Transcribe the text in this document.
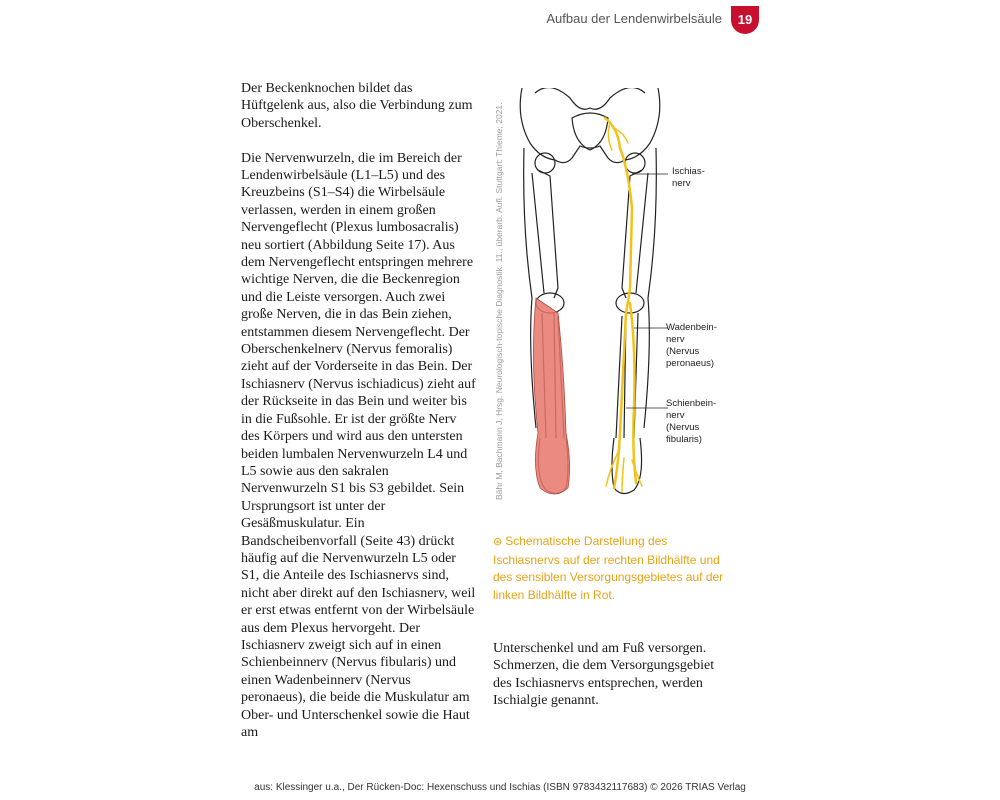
Aufbau der Lendenwirbelsäule	19

Der Beckenknochen bildet das Hüftgelenk aus, also die Verbindung zum Oberschenkel.

Die Nervenwurzeln, die im Bereich der Lendenwirbelsäule (L1–L5) und des Kreuzbeins (S1–S4) die Wirbelsäule verlassen, werden in einem großen Nervengeflecht (Plexus lumbosacralis) neu sortiert (Abbildung Seite 17). Aus dem Nervengeflecht entspringen mehrere wichtige Nerven, die die Beckenregion und die Leiste versorgen. Auch zwei große Nerven, die in das Bein ziehen, entstammen diesem Nervengeflecht. Der Oberschenkelnerv (Nervus femoralis) zieht auf der Vorderseite in das Bein. Der Ischiasnerv (Nervus ischiadicus) zieht auf der Rückseite in das Bein und weiter bis in die Fußsohle. Er ist der größte Nerv des Körpers und wird aus den untersten beiden lumbalen Nervenwurzeln L4 und L5 sowie aus den sakralen Nervenwurzeln S1 bis S3 gebildet. Sein Ursprungsort ist unter der Gesäßmuskulatur. Ein Bandscheibenvorfall (Seite 43) drückt häufig auf die Nervenwurzeln L5 oder S1, die Anteile des Ischiasnervs sind, nicht aber direkt auf den Ischiasnerv, weil er erst etwas entfernt von der Wirbelsäule aus dem Plexus hervorgeht. Der Ischiasnerv zweigt sich auf in einen Schienbeinnerv (Nervus fibularis) und einen Wadenbeinnerv (Nervus peronaeus), die beide die Muskulatur am Ober- und Unterschenkel sowie die Haut am

Bähr M, Bachmann J, Hrsg. Neurologisch-topische Diagnostik. 11., überarb. Aufl. Stuttgart: Thieme; 2021.	Ischias-
nerv
Wadenbein-
nerv
(Nervus
peronaeus)
Schienbein-
nerv
(Nervus
fibularis)
⊛ Schematische Darstellung des Ischiasnervs auf der rechten Bildhälfte und des sensiblen Versorgungsgebietes auf der linken Bildhälfte in Rot.

Unterschenkel und am Fuß versorgen. Schmerzen, die dem Versorgungsgebiet des Ischiasnervs entsprechen, werden Ischialgie genannt.

aus: Klessinger u.a., Der Rücken-Doc: Hexenschuss und Ischias (ISBN 9783432117683) © 2026 TRIAS Verlag
